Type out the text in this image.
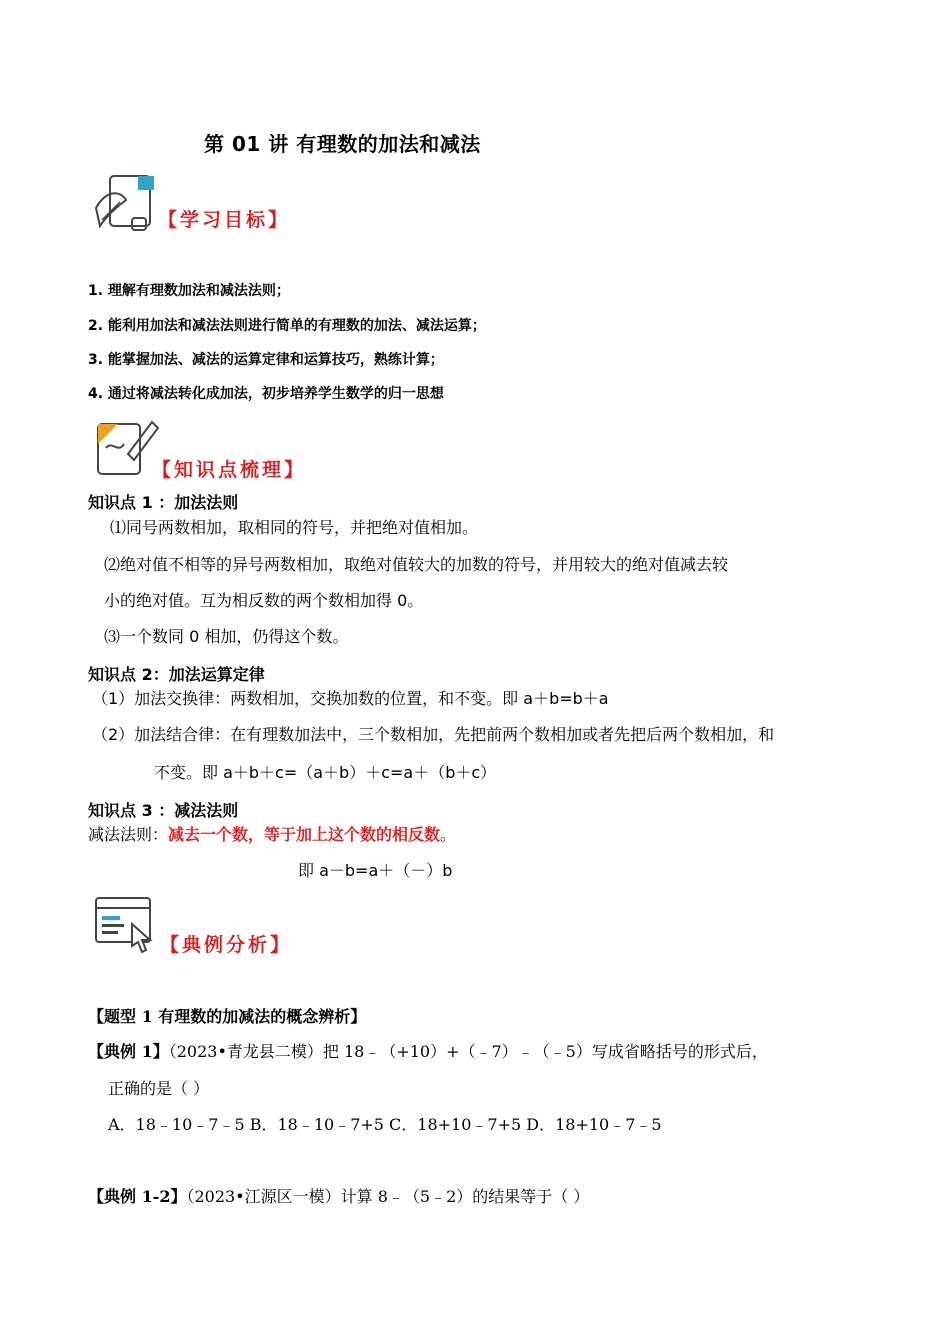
第 01 讲 有理数的加法和减法
【学习目标】
1. 理解有理数加法和减法法则；
2. 能利用加法和减法法则进行简单的有理数的加法、减法运算；
3. 能掌握加法、减法的运算定律和运算技巧，熟练计算；
4. 通过将减法转化成加法，初步培养学生数学的归一思想
【知识点梳理】
知识点 1 ：加法法则
⑴同号两数相加，取相同的符号，并把绝对值相加。
⑵绝对值不相等的异号两数相加，取绝对值较大的加数的符号，并用较大的绝对值减去较
小的绝对值。互为相反数的两个数相加得 0。
⑶一个数同 0 相加，仍得这个数。
知识点 2：加法运算定律
（1）加法交换律：两数相加，交换加数的位置，和不变。即 a＋b=b＋a
（2）加法结合律：在有理数加法中，三个数相加，先把前两个数相加或者先把后两个数相加，和
不变。即 a＋b＋c=（a＋b）＋c=a＋（b＋c）
知识点 3 ：减法法则
减法法则：减去一个数，等于加上这个数的相反数。
即 a－b=a＋（－）b
【典例分析】
【题型 1 有理数的加减法的概念辨析】
【典例 1】（2023•青龙县二模）把 18﹣（+10）+（﹣7）﹣（﹣5）写成省略括号的形式后，
正确的是（ ）
A．18﹣10﹣7﹣5 B．18﹣10﹣7+5 C．18+10﹣7+5 D．18+10﹣7﹣5
【典例 1-2】（2023•江源区一模）计算 8﹣（5﹣2）的结果等于（ ）
